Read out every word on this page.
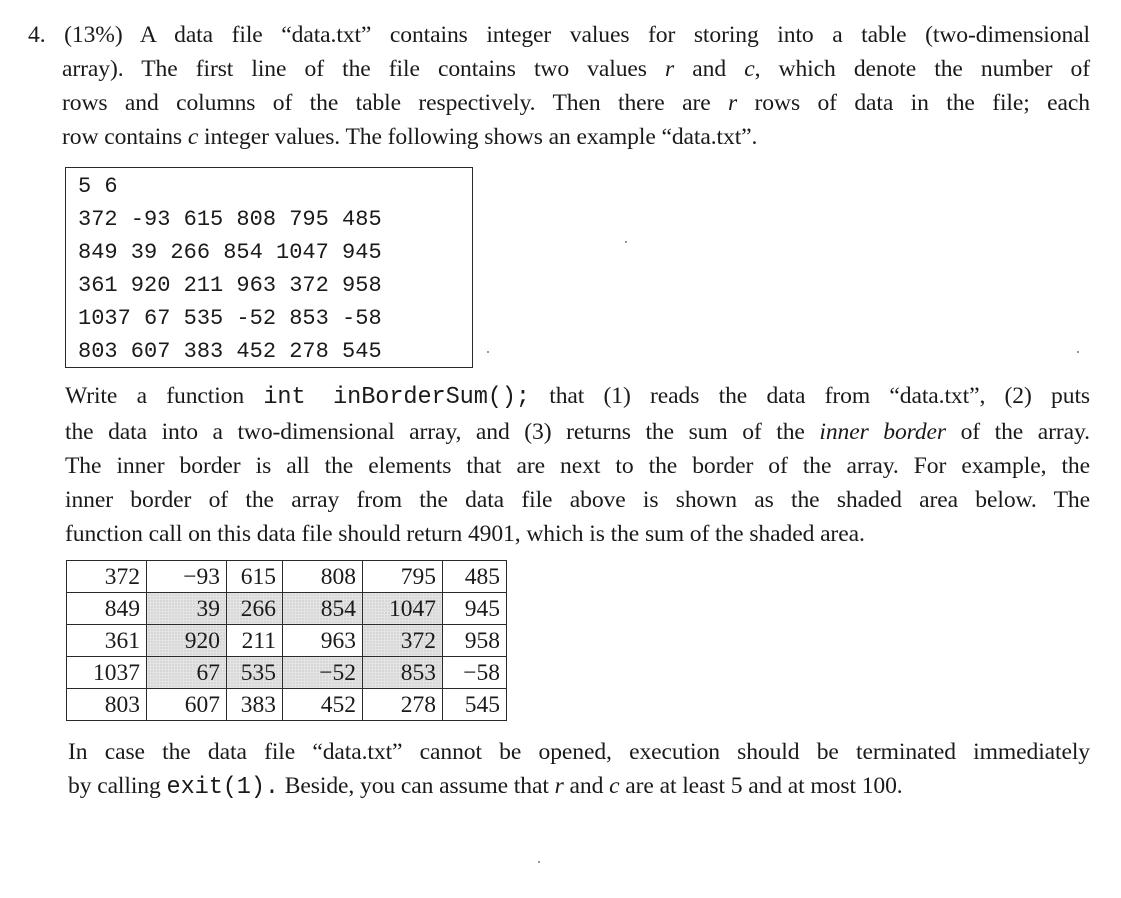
4. (13%) A data file “data.txt” contains integer values for storing into a table (two-dimensional
array). The first line of the file contains two values r and c, which denote the number of
rows and columns of the table respectively. Then there are r rows of data in the file; each
row contains c integer values. The following shows an example “data.txt”.
5 6
372 -93 615 808 795 485
849 39 266 854 1047 945
361 920 211 963 372 958
1037 67 535 -52 853 -58
803 607 383 452 278 545
Write a function int inBorderSum(); that (1) reads the data from “data.txt”, (2) puts
the data into a two-dimensional array, and (3) returns the sum of the inner border of the array.
The inner border is all the elements that are next to the border of the array. For example, the
inner border of the array from the data file above is shown as the shaded area below. The
function call on this data file should return 4901, which is the sum of the shaded area.
372	−93	615	808	795	485
849	39	266	854	1047	945
361	920	211	963	372	958
1037	67	535	−52	853	−58
803	607	383	452	278	545
In case the data file “data.txt” cannot be opened, execution should be terminated immediately
by calling exit(1). Beside, you can assume that r and c are at least 5 and at most 100.
